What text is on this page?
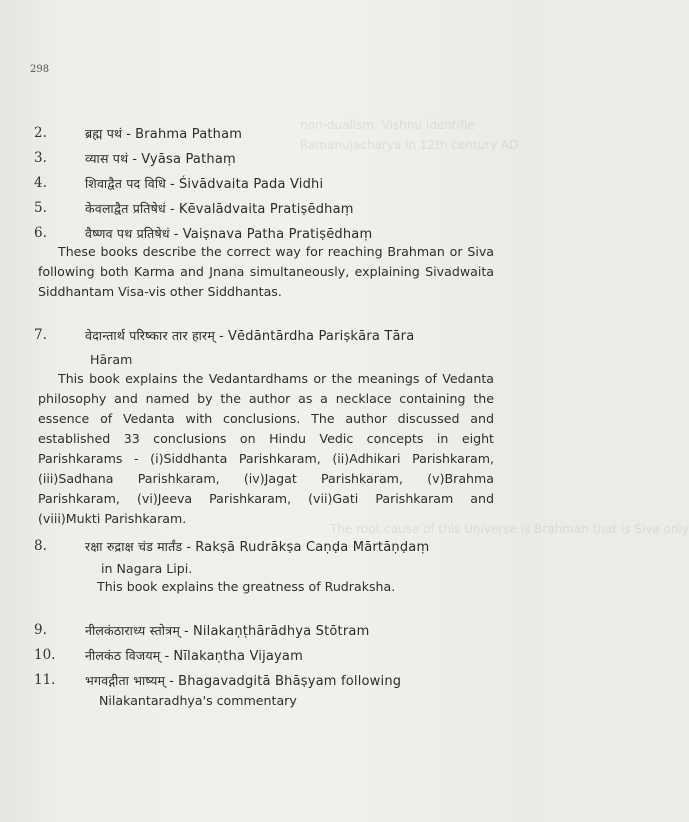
non-dualism, Vishnu identifie
Ramanujacharya in 12th century AD
The root cause of this Universe is Brahman that is Siva only
298
2.	ब्रह्म पथं - Brahma Patham
3.	व्यास पथं - Vyāsa Pathaṃ
4.	शिवाद्वैत पद विधि - Śivādvaita Pada Vidhi
5.	केवलाद्वैत प्रतिषेधं - Kēvalādvaita Pratiṣēdhaṃ
6.	वैष्णव पथ प्रतिषेधं - Vaiṣnava Patha Pratiṣēdhaṃ
These books describe the correct way for reaching Brahman or Siva following both Karma and Jnana simultaneously, explaining Sivadwaita Siddhantam Visa-vis other Siddhantas.
7.	वेदान्तार्थ परिष्कार तार हारम् - Vēdāntārdha Pariṣkāra Tāra
Hāram
This book explains the Vedantardhams or the meanings of Vedanta philosophy and named by the author as a necklace containing the essence of Vedanta with conclusions. The author discussed and established 33 conclusions on Hindu Vedic concepts in eight Parishkarams - (i)Siddhanta Parishkaram, (ii)Adhikari Parishkaram, (iii)Sadhana Parishkaram, (iv)Jagat Parishkaram, (v)Brahma Parishkaram, (vi)Jeeva Parishkaram, (vii)Gati Parishkaram and (viii)Mukti Parishkaram.
8.	रक्षा रुद्राक्ष चंड मार्तंड - Rakṣā Rudrākṣa Caṇḍa Mārtāṇḍaṃ
in Nagara Lipi.
This book explains the greatness of Rudraksha.
9.	नीलकंठाराध्य स्तोत्रम् - Nilakaṇṭhārādhya Stōtram
10. नीलकंठ विजयम् - Nīlakaṇtha Vijayam
11. भगवद्गीता भाष्यम् - Bhagavadgitā Bhāṣyam following
Nilakantaradhya's commentary
